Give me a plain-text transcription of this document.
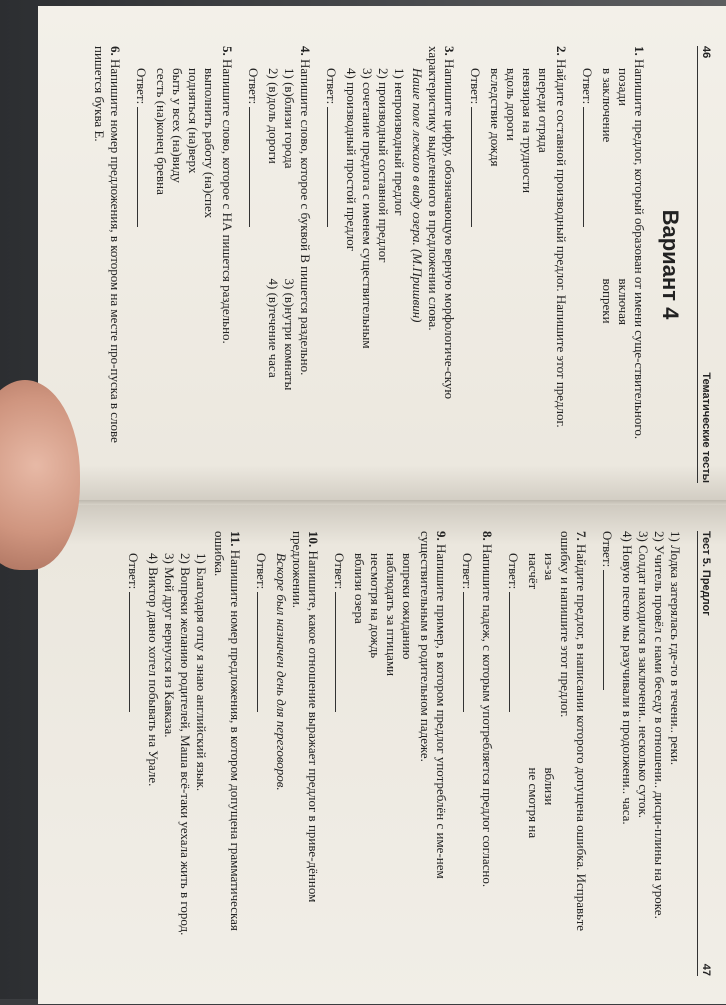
46
Тематические тесты
Вариант 4
1. Напишите предлог, который образован от имени суще-ствительного.
позади
в заключение
включая
вопреки
Ответ:
2. Найдите составной производный предлог. Напишите этот предлог.
впереди отряда
невзирая на трудности
вдоль дороги
вследствие дождя
Ответ:
3. Напишите цифру, обозначающую верную морфологиче-скую характеристику выделенного в предложении слова.
Наше поле лежало в виду озера. (М.Пришвин)
1) непроизводный предлог
2) производный составной предлог
3) сочетание предлога с именем существительным
4) производный простой предлог
Ответ:
4. Напишите слово, которое с буквой В пишется раздельно.
1) (в)близи города
2) (в)доль дороги
3) (в)нутри комнаты
4) (в)течение часа
Ответ:
5. Напишите слово, которое с НА пишется раздельно.
выполнить работу (на)спех
подняться (на)верх
быть у всех (на)виду
сесть (на)конец бревна
Ответ:
6. Напишите номер предложения, в котором на месте про-пуска в слове пишется буква Е.
Тест 5. Предлог
47
1) Лодка затерялась где-то в течени.. реки.
2) Учитель провёл с нами беседу в отношени.. дисци-плины на уроке.
3) Солдат находился в заключени.. несколько суток.
4) Новую песню мы разучивали в продолжени.. часа.
Ответ:
7. Найдите предлог, в написании которого допущена ошибка. Исправьте ошибку и напишите этот предлог.
из-за
насчёт
вблизи
не смотря на
Ответ:
8. Напишите падеж, с которым употребляется предлог согласно.
Ответ:
9. Напишите пример, в котором предлог употреблён с име-нем существительным в родительном падеже.
вопреки ожиданию
наблюдать за птицами
несмотря на дождь
вблизи озера
Ответ:
10. Напишите, какое отношение выражает предлог в приве-дённом предложении.
Вскоре был назначен день для переговоров.
Ответ:
11. Напишите номер предложения, в котором допущена грамматическая ошибка.
1) Благодаря отцу я знаю английский язык.
2) Вопреки желанию родителей, Маша всё-таки уехала жить в город.
3) Мой друг вернулся из Кавказа.
4) Виктор давно хотел побывать на Урале.
Ответ:
